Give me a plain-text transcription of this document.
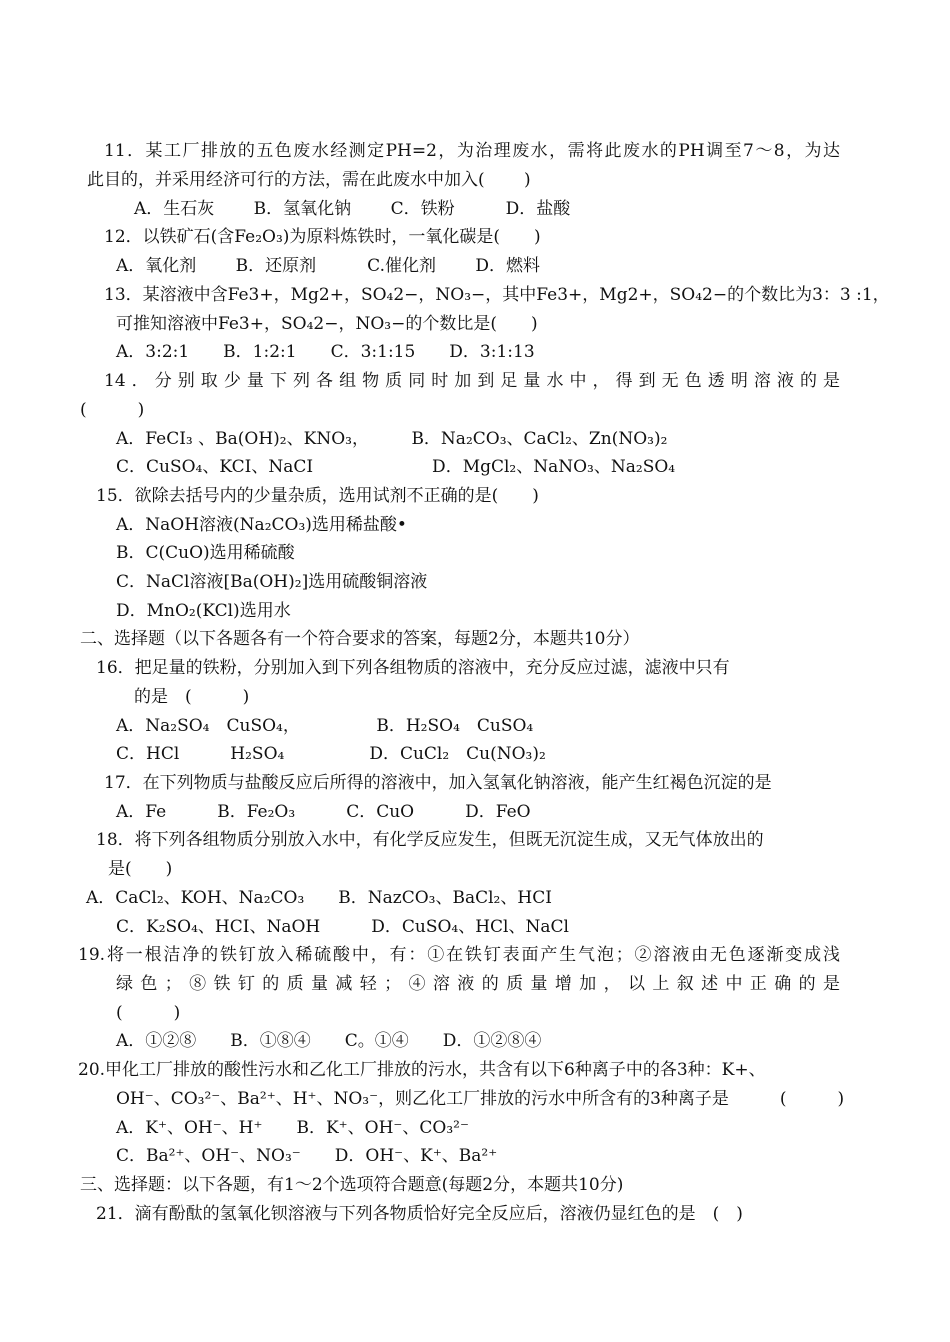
11．某工厂排放的五色废水经测定PH=2，为治理废水，需将此废水的PH调至7～8，为达
此目的，并采用经济可行的方法，需在此废水中加入(　　 )
A．生石灰　　 B．氢氧化钠　　 C．铁粉　　　D．盐酸
12．以铁矿石(含Fe₂O₃)为原料炼铁时，一氧化碳是(　　)
A．氧化剂　　 B．还原剂　　　C.催化剂　　 D．燃料
13．某溶液中含Fe3+，Mg2+，SO₄2−，NO₃−，其中Fe3+，Mg2+，SO₄2−的个数比为3：3 :1，
可推知溶液中Fe3+，SO₄2−，NO₃−的个数比是(　　)
A．3:2:1　　B．1:2:1　　C．3:1:15　　D．3:1:13
14．分别取少量下列各组物质同时加到足量水中，得到无色透明溶液的是
(　　　)
A．FeCI₃ 、Ba(OH)₂、KNO₃，　　　B．Na₂CO₃、CaCl₂、Zn(NO₃)₂
C．CuSO₄、KCI、NaCI　　　　　　　D．MgCl₂、NaNO₃、Na₂SO₄
15．欲除去括号内的少量杂质，选用试剂不正确的是(　　)
A．NaOH溶液(Na₂CO₃)选用稀盐酸•
B．C(CuO)选用稀硫酸
C．NaCl溶液[Ba(OH)₂]选用硫酸铜溶液
D．MnO₂(KCl)选用水
二、选择题（以下各题各有一个符合要求的答案，每题2分，本题共10分）
16．把足量的铁粉，分别加入到下列各组物质的溶液中，充分反应过滤，滤液中只有
的是　(　　　)
A．Na₂SO₄　CuSO₄，　　　　　B．H₂SO₄　CuSO₄
C．HCl　　　H₂SO₄　　　　　D．CuCl₂　Cu(NO₃)₂
17．在下列物质与盐酸反应后所得的溶液中，加入氢氧化钠溶液，能产生红褐色沉淀的是
A．Fe　　　B．Fe₂O₃　　　C．CuO　　　D．FeO
18．将下列各组物质分别放入水中，有化学反应发生，但既无沉淀生成，又无气体放出的
是(　　)
A．CaCl₂、KOH、Na₂CO₃　　B．NazCO₃、BaCl₂、HCI
C．K₂SO₄、HCI、NaOH　　　D．CuSO₄、HCl、NaCl
19.将一根洁净的铁钉放入稀硫酸中，有：①在铁钉表面产生气泡；②溶液由无色逐渐变成浅
绿色；⑧铁钉的质量减轻；④溶液的质量增加，以上叙述中正确的是
(　　　)
A．①②⑧　　B．①⑧④　　C。①④　　D．①②⑧④
20.甲化工厂排放的酸性污水和乙化工厂排放的污水，共含有以下6种离子中的各3种：K+、
OH⁻、CO₃²⁻、Ba²⁺、H⁺、NO₃⁻，则乙化工厂排放的污水中所含有的3种离子是　　　(　　　)
A．K⁺、OH⁻、H⁺　　B．K⁺、OH⁻、CO₃²⁻
C．Ba²⁺、OH⁻、NO₃⁻　　D．OH⁻、K⁺、Ba²⁺
三、选择题：以下各题，有1～2个选项符合题意(每题2分，本题共10分)
21．滴有酚酞的氢氧化钡溶液与下列各物质恰好完全反应后，溶液仍显红色的是　(　)
